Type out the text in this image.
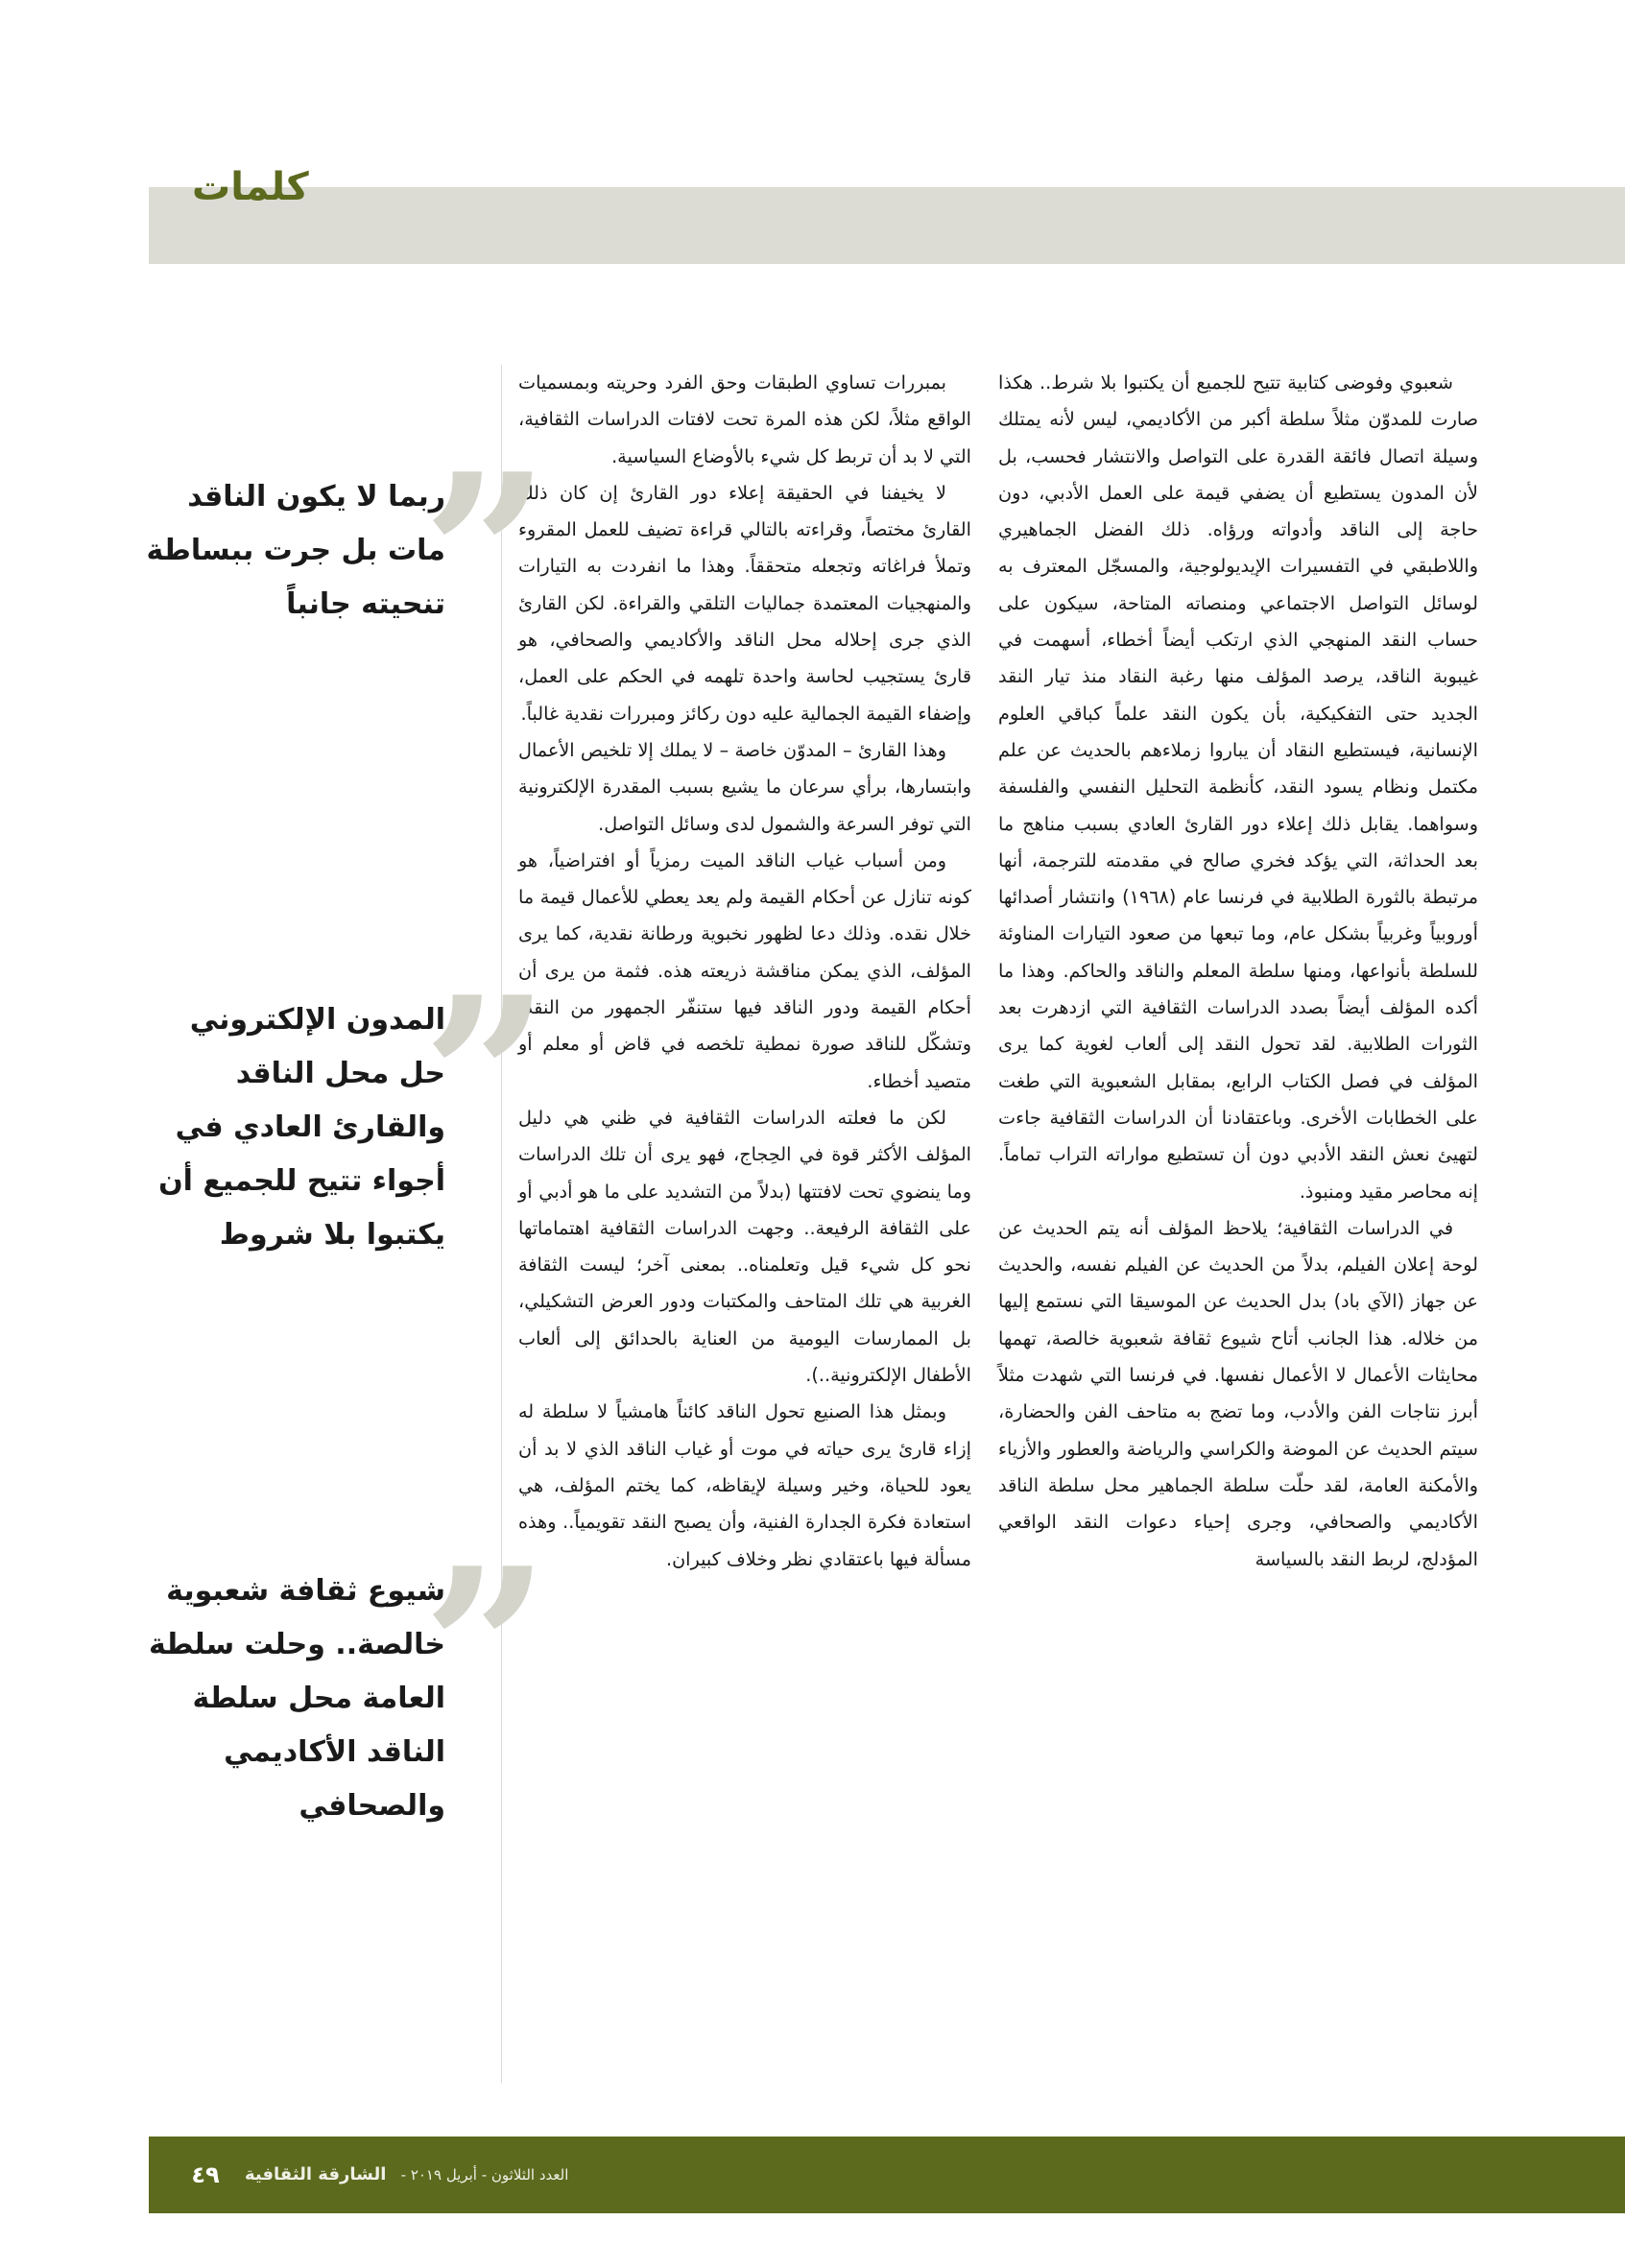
كلمات

شعبوي وفوضى كتابية تتيح للجميع أن يكتبوا بلا شرط.. هكذا صارت للمدوّن مثلاً سلطة أكبر من الأكاديمي، ليس لأنه يمتلك وسيلة اتصال فائقة القدرة على التواصل والانتشار فحسب، بل لأن المدون يستطيع أن يضفي قيمة على العمل الأدبي، دون حاجة إلى الناقد وأدواته ورؤاه. ذلك الفضل الجماهيري واللاطبقي في التفسيرات الإيديولوجية، والمسجّل المعترف به لوسائل التواصل الاجتماعي ومنصاته المتاحة، سيكون على حساب النقد المنهجي الذي ارتكب أيضاً أخطاء، أسهمت في غيبوبة الناقد، يرصد المؤلف منها رغبة النقاد منذ تيار النقد الجديد حتى التفكيكية، بأن يكون النقد علماً كباقي العلوم الإنسانية، فيستطيع النقاد أن يباروا زملاءهم بالحديث عن علم مكتمل ونظام يسود النقد، كأنظمة التحليل النفسي والفلسفة وسواهما. يقابل ذلك إعلاء دور القارئ العادي بسبب مناهج ما بعد الحداثة، التي يؤكد فخري صالح في مقدمته للترجمة، أنها مرتبطة بالثورة الطلابية في فرنسا عام (١٩٦٨) وانتشار أصدائها أوروبياً وغربياً بشكل عام، وما تبعها من صعود التيارات المناوئة للسلطة بأنواعها، ومنها سلطة المعلم والناقد والحاكم. وهذا ما أكده المؤلف أيضاً بصدد الدراسات الثقافية التي ازدهرت بعد الثورات الطلابية. لقد تحول النقد إلى ألعاب لغوية كما يرى المؤلف في فصل الكتاب الرابع، بمقابل الشعبوية التي طغت على الخطابات الأخرى. وباعتقادنا أن الدراسات الثقافية جاءت لتهيئ نعش النقد الأدبي دون أن تستطيع مواراته التراب تماماً. إنه محاصر مقيد ومنبوذ.

في الدراسات الثقافية؛ يلاحظ المؤلف أنه يتم الحديث عن لوحة إعلان الفيلم، بدلاً من الحديث عن الفيلم نفسه، والحديث عن جهاز (الآي باد) بدل الحديث عن الموسيقا التي نستمع إليها من خلاله. هذا الجانب أتاح شيوع ثقافة شعبوية خالصة، تهمها محايثات الأعمال لا الأعمال نفسها. في فرنسا التي شهدت مثلاً أبرز نتاجات الفن والأدب، وما تضج به متاحف الفن والحضارة، سيتم الحديث عن الموضة والكراسي والرياضة والعطور والأزياء والأمكنة العامة، لقد حلّت سلطة الجماهير محل سلطة الناقد الأكاديمي والصحافي، وجرى إحياء دعوات النقد الواقعي المؤدلج، لربط النقد بالسياسة

بمبررات تساوي الطبقات وحق الفرد وحريته وبمسميات الواقع مثلاً، لكن هذه المرة تحت لافتات الدراسات الثقافية، التي لا بد أن تربط كل شيء بالأوضاع السياسية.

لا يخيفنا في الحقيقة إعلاء دور القارئ إن كان ذلك القارئ مختصاً، وقراءته بالتالي قراءة تضيف للعمل المقروء وتملأ فراغاته وتجعله متحققاً. وهذا ما انفردت به التيارات والمنهجيات المعتمدة جماليات التلقي والقراءة. لكن القارئ الذي جرى إحلاله محل الناقد والأكاديمي والصحافي، هو قارئ يستجيب لحاسة واحدة تلهمه في الحكم على العمل، وإضفاء القيمة الجمالية عليه دون ركائز ومبررات نقدية غالباً.

وهذا القارئ – المدوّن خاصة – لا يملك إلا تلخيص الأعمال وابتسارها، برأي سرعان ما يشيع بسبب المقدرة الإلكترونية التي توفر السرعة والشمول لدى وسائل التواصل.

ومن أسباب غياب الناقد الميت رمزياً أو افتراضياً، هو كونه تنازل عن أحكام القيمة ولم يعد يعطي للأعمال قيمة ما خلال نقده. وذلك دعا لظهور نخبوية ورطانة نقدية، كما يرى المؤلف، الذي يمكن مناقشة ذريعته هذه. فثمة من يرى أن أحكام القيمة ودور الناقد فيها ستنفّر الجمهور من النقد، وتشكّل للناقد صورة نمطية تلخصه في قاض أو معلم أو متصيد أخطاء.

لكن ما فعلته الدراسات الثقافية في ظني هي دليل المؤلف الأكثر قوة في الحِجاج، فهو يرى أن تلك الدراسات وما ينضوي تحت لافتتها (بدلاً من التشديد على ما هو أدبي أو على الثقافة الرفيعة.. وجهت الدراسات الثقافية اهتماماتها نحو كل شيء قيل وتعلمناه.. بمعنى آخر؛ ليست الثقافة الغربية هي تلك المتاحف والمكتبات ودور العرض التشكيلي، بل الممارسات اليومية من العناية بالحدائق إلى ألعاب الأطفال الإلكترونية..).

وبمثل هذا الصنيع تحول الناقد كائناً هامشياً لا سلطة له إزاء قارئ يرى حياته في موت أو غياب الناقد الذي لا بد أن يعود للحياة، وخير وسيلة لإيقاظه، كما يختم المؤلف، هي استعادة فكرة الجدارة الفنية، وأن يصبح النقد تقويمياً.. وهذه مسألة فيها باعتقادي نظر وخلاف كبيران.

”

ربما لا يكون الناقد مات بل جرت ببساطة تنحيته جانباً

”

المدون الإلكتروني حل محل الناقد والقارئ العادي في أجواء تتيح للجميع أن يكتبوا بلا شروط

”

شيوع ثقافة شعبوية خالصة.. وحلت سلطة العامة محل سلطة الناقد الأكاديمي والصحافي

٤٩	الشارقة الثقافية	العدد الثلاثون - أبريل ٢٠١٩ -
